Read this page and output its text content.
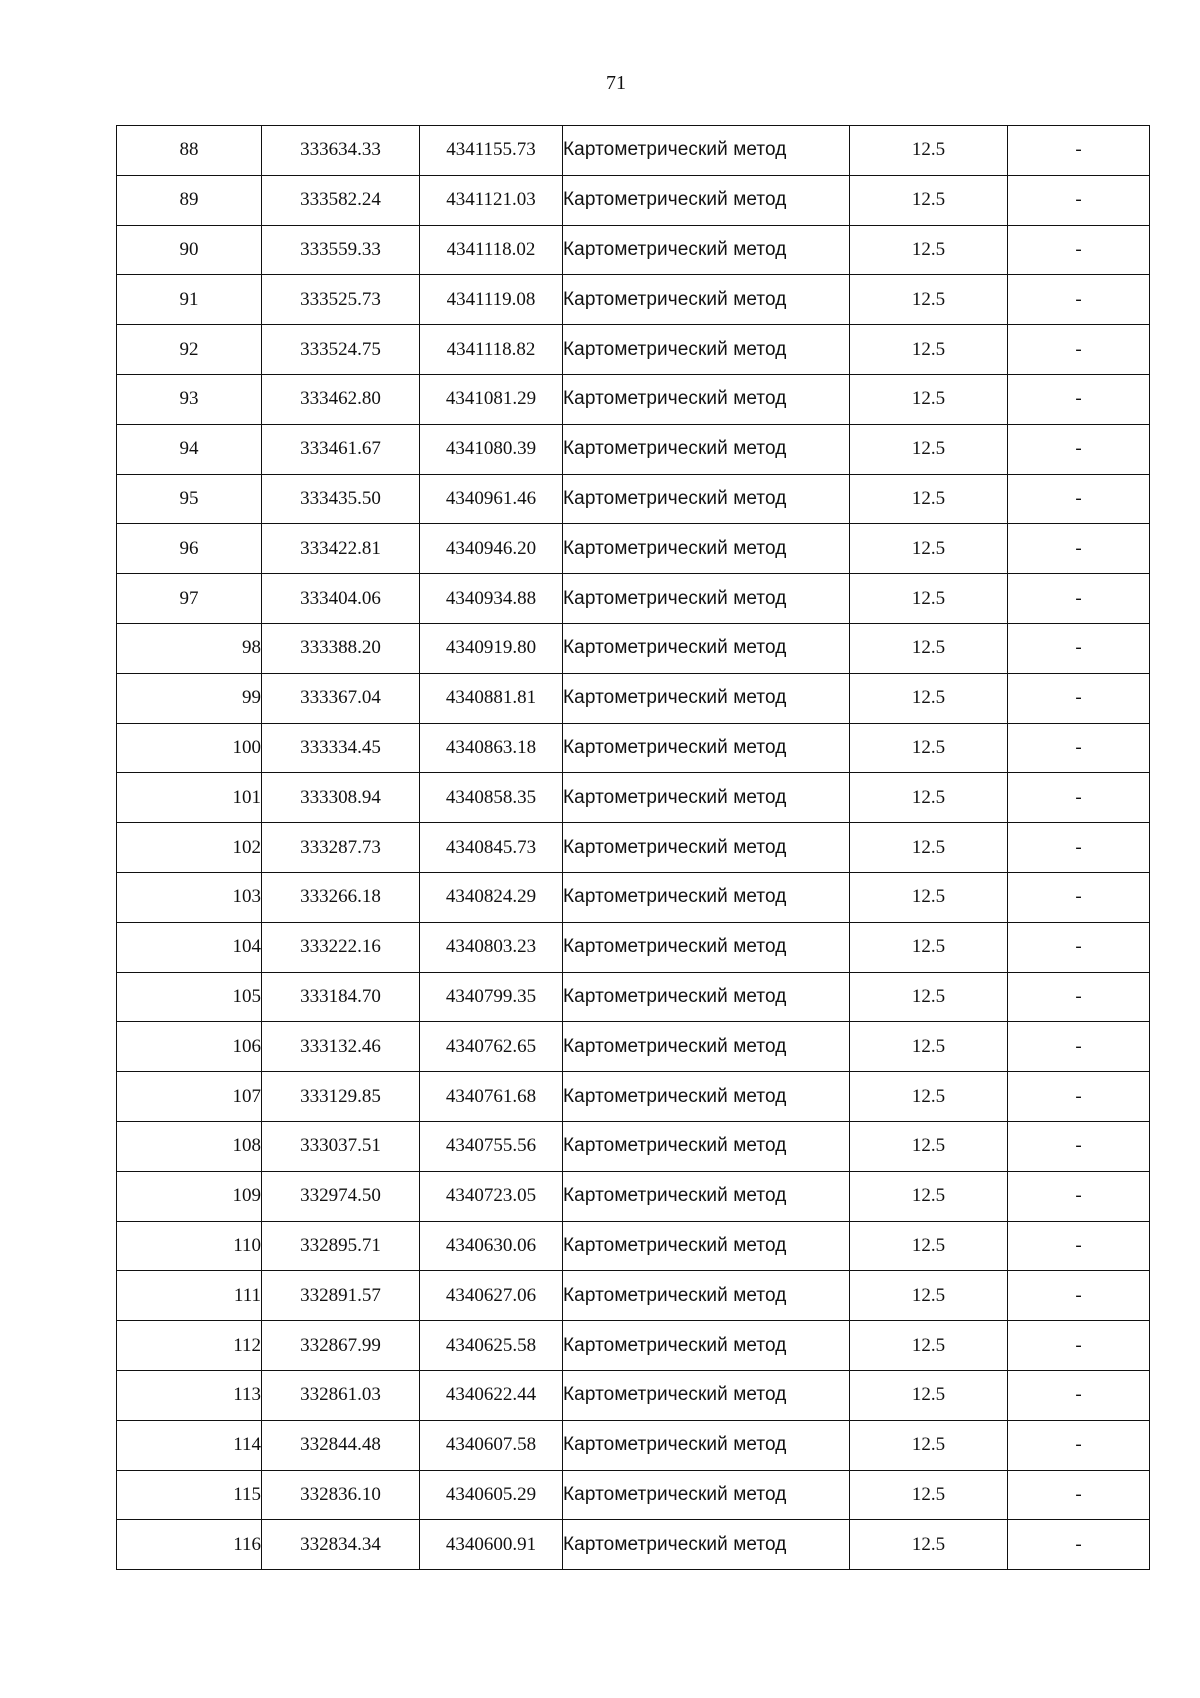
71
88	333634.33	4341155.73	Картометрический метод	12.5	-
89	333582.24	4341121.03	Картометрический метод	12.5	-
90	333559.33	4341118.02	Картометрический метод	12.5	-
91	333525.73	4341119.08	Картометрический метод	12.5	-
92	333524.75	4341118.82	Картометрический метод	12.5	-
93	333462.80	4341081.29	Картометрический метод	12.5	-
94	333461.67	4341080.39	Картометрический метод	12.5	-
95	333435.50	4340961.46	Картометрический метод	12.5	-
96	333422.81	4340946.20	Картометрический метод	12.5	-
97	333404.06	4340934.88	Картометрический метод	12.5	-
98	333388.20	4340919.80	Картометрический метод	12.5	-
99	333367.04	4340881.81	Картометрический метод	12.5	-
100	333334.45	4340863.18	Картометрический метод	12.5	-
101	333308.94	4340858.35	Картометрический метод	12.5	-
102	333287.73	4340845.73	Картометрический метод	12.5	-
103	333266.18	4340824.29	Картометрический метод	12.5	-
104	333222.16	4340803.23	Картометрический метод	12.5	-
105	333184.70	4340799.35	Картометрический метод	12.5	-
106	333132.46	4340762.65	Картометрический метод	12.5	-
107	333129.85	4340761.68	Картометрический метод	12.5	-
108	333037.51	4340755.56	Картометрический метод	12.5	-
109	332974.50	4340723.05	Картометрический метод	12.5	-
110	332895.71	4340630.06	Картометрический метод	12.5	-
111	332891.57	4340627.06	Картометрический метод	12.5	-
112	332867.99	4340625.58	Картометрический метод	12.5	-
113	332861.03	4340622.44	Картометрический метод	12.5	-
114	332844.48	4340607.58	Картометрический метод	12.5	-
115	332836.10	4340605.29	Картометрический метод	12.5	-
116	332834.34	4340600.91	Картометрический метод	12.5	-
